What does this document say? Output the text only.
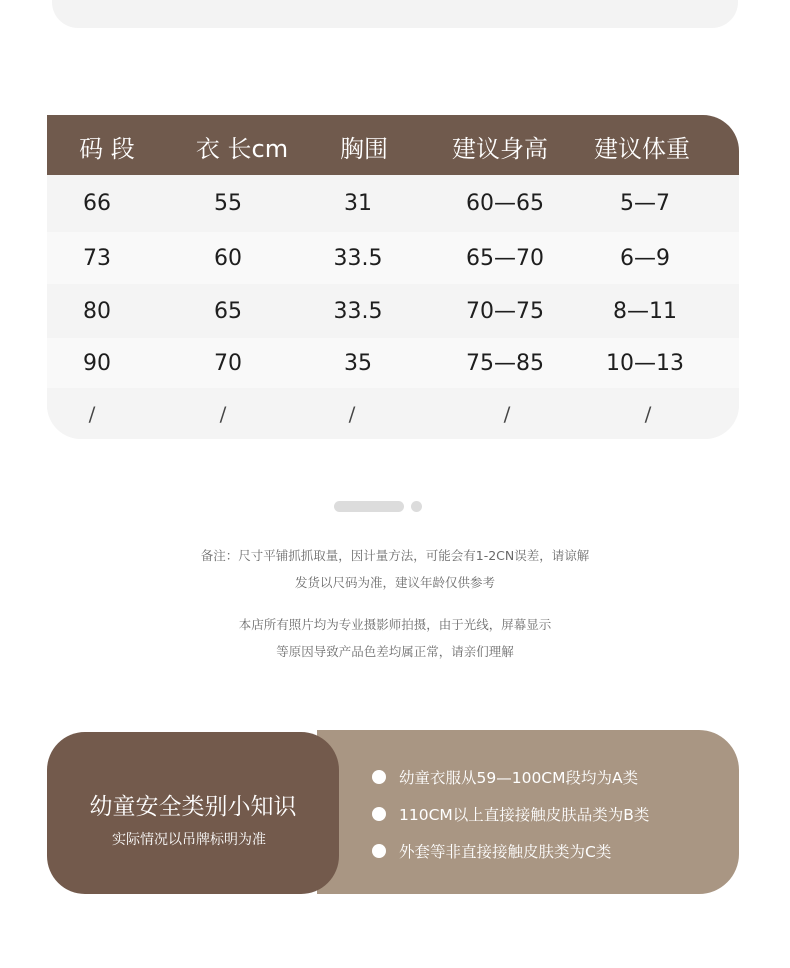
码 段	衣 长cm	胸围	建议身高	建议体重
66	55	31	60—65	5—7
73	60	33.5	65—70	6—9
80	65	33.5	70—75	8—11
90	70	35	75—85	10—13
/	/	/	/	/
备注：尺寸平铺抓抓取量，因计量方法，可能会有1-2CN误差，请谅解
发货以尺码为准，建议年龄仅供参考
本店所有照片均为专业摄影师拍摄，由于光线，屏幕显示
等原因导致产品色差均属正常，请亲们理解
幼童安全类别小知识
实际情况以吊牌标明为准
幼童衣服从59—100CM段均为A类
110CM以上直接接触皮肤品类为B类
外套等非直接接触皮肤类为C类
